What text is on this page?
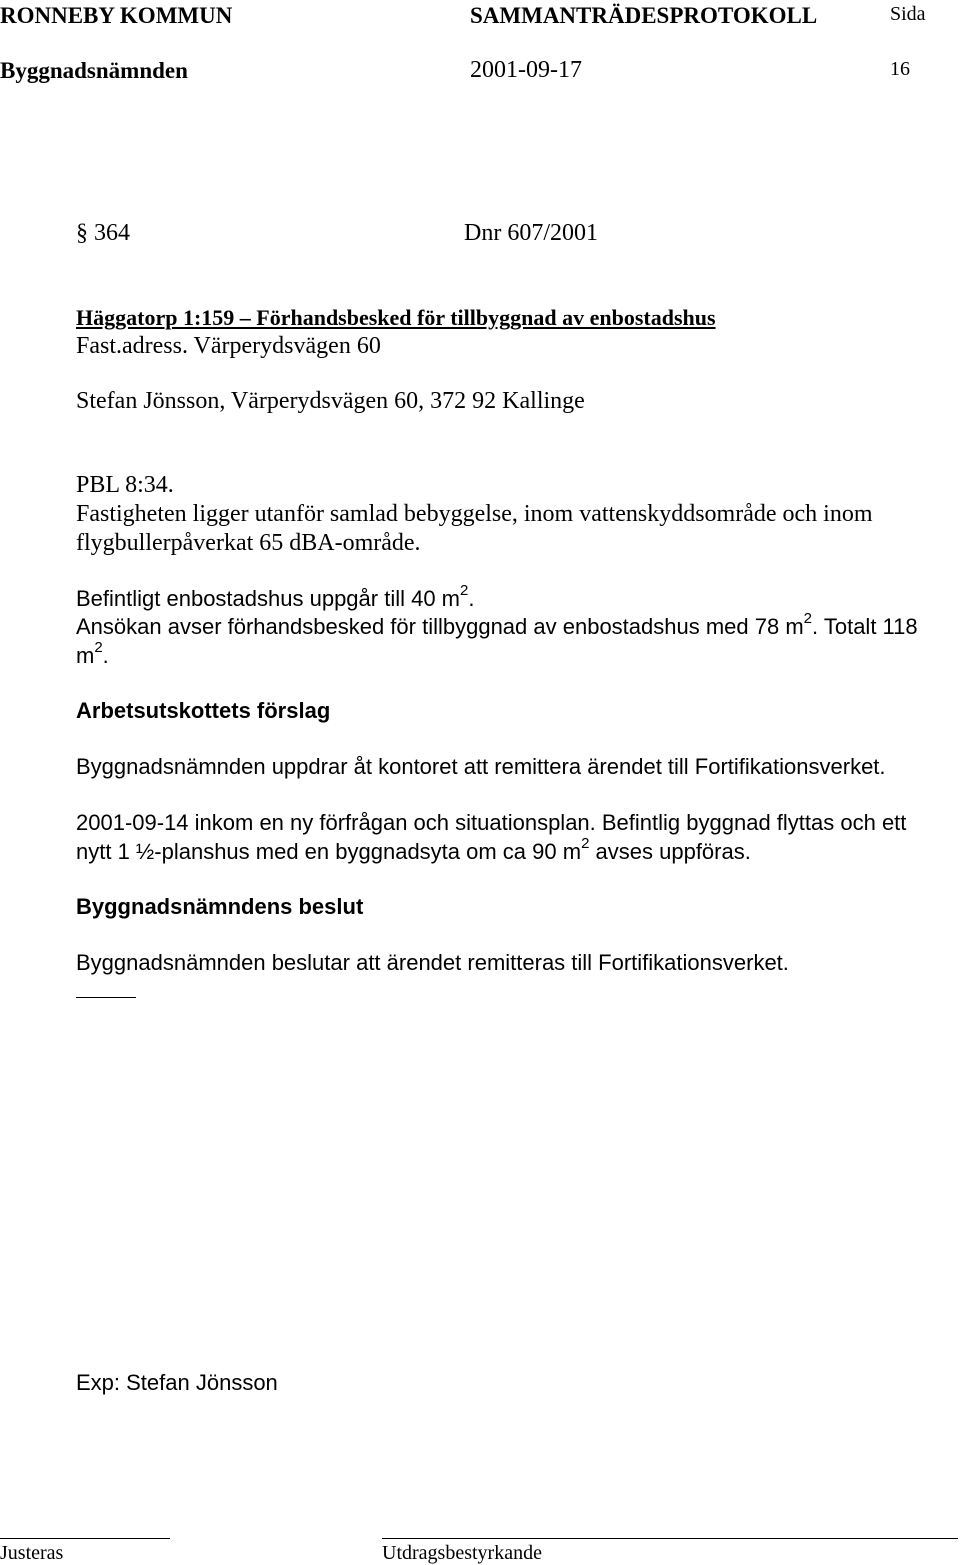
RONNEBY KOMMUN	SAMMANTRÄDESPROTOKOLL	Sida
Byggnadsnämnden	2001-09-17	16
§ 364	Dnr 607/2001
Häggatorp 1:159 – Förhandsbesked för tillbyggnad av enbostadshus
Fast.adress. Värperydsvägen 60
Stefan Jönsson, Värperydsvägen 60, 372 92 Kallinge
PBL 8:34.
Fastigheten ligger utanför samlad bebyggelse, inom vattenskyddsområde och inom
flygbullerpåverkat 65 dBA-område.
Befintligt enbostadshus uppgår till 40 $m^2$.
Ansökan avser förhandsbesked för tillbyggnad av enbostadshus med 78 $m^2$. Totalt 118
$m^2$.
Arbetsutskottets förslag
Byggnadsnämnden uppdrar åt kontoret att remittera ärendet till Fortifikationsverket.
2001-09-14 inkom en ny förfrågan och situationsplan. Befintlig byggnad flyttas och ett
nytt 1 ½-planshus med en byggnadsyta om ca 90 $m^2$ avses uppföras.
Byggnadsnämndens beslut
Byggnadsnämnden beslutar att ärendet remitteras till Fortifikationsverket.
Exp: Stefan Jönsson
Justeras	Utdragsbestyrkande
